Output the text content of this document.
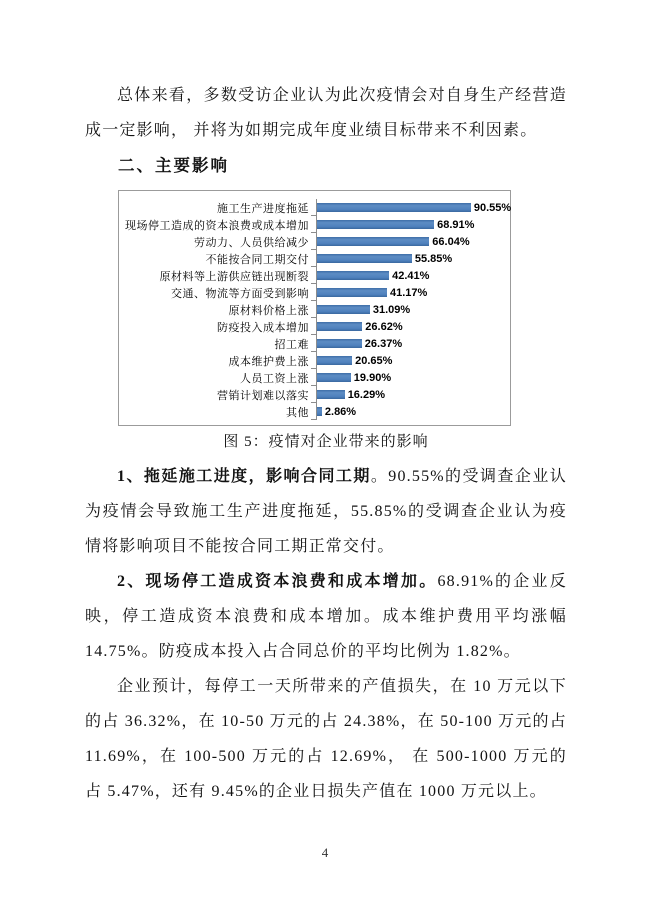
总体来看，多数受访企业认为此次疫情会对自身生产经营造成一定影响， 并将为如期完成年度业绩目标带来不利因素。

二、主要影响

施工生产进度拖延	90.55%
现场停工造成的资本浪费或成本增加	68.91%
劳动力、人员供给减少	66.04%
不能按合同工期交付	55.85%
原材料等上游供应链出现断裂	42.41%
交通、物流等方面受到影响	41.17%
原材料价格上涨	31.09%
防疫投入成本增加	26.62%
招工难	26.37%
成本维护费上涨	20.65%
人员工资上涨	19.90%
营销计划难以落实	16.29%
其他	2.86%

图 5：疫情对企业带来的影响

1、拖延施工进度，影响合同工期。90.55%的受调查企业认为疫情会导致施工生产进度拖延，55.85%的受调查企业认为疫情将影响项目不能按合同工期正常交付。

2、现场停工造成资本浪费和成本增加。68.91%的企业反映，停工造成资本浪费和成本增加。成本维护费用平均涨幅 14.75%。防疫成本投入占合同总价的平均比例为 1.82%。

企业预计，每停工一天所带来的产值损失，在 10 万元以下的占 36.32%，在 10-50 万元的占 24.38%，在 50-100 万元的占 11.69%，在 100-500 万元的占 12.69%， 在 500-1000 万元的占 5.47%，还有 9.45%的企业日损失产值在 1000 万元以上。

4
